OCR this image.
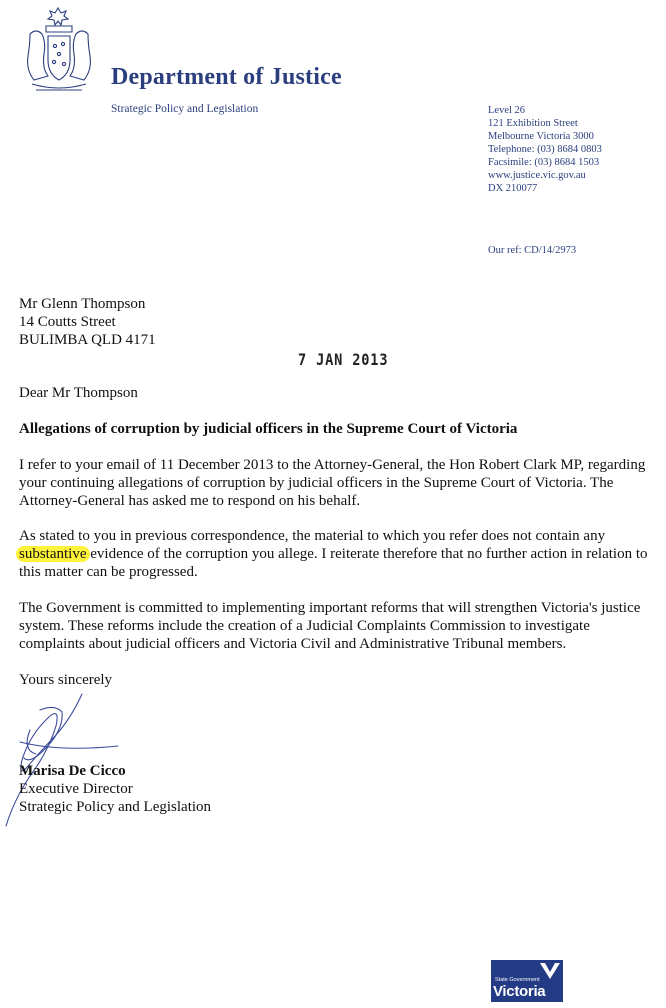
Department of Justice
Strategic Policy and Legislation	Level 26
121 Exhibition Street
Melbourne Victoria 3000
Telephone: (03) 8684 0803
Facsimile: (03) 8684 1503
www.justice.vic.gov.au
DX 210077
Our ref: CD/14/2973
Mr Glenn Thompson
14 Coutts Street
BULIMBA QLD 4171
7 JAN 2013
Dear Mr Thompson
Allegations of corruption by judicial officers in the Supreme Court of Victoria
I refer to your email of 11 December 2013 to the Attorney-General, the Hon Robert Clark MP, regarding your continuing allegations of corruption by judicial officers in the Supreme Court of Victoria. The Attorney-General has asked me to respond on his behalf.
As stated to you in previous correspondence, the material to which you refer does not contain any substantive evidence of the corruption you allege. I reiterate therefore that no further action in relation to this matter can be progressed.
The Government is committed to implementing important reforms that will strengthen Victoria's justice system. These reforms include the creation of a Judicial Complaints Commission to investigate complaints about judicial officers and Victoria Civil and Administrative Tribunal members.
Yours sincerely
Marisa De Cicco
Executive Director
Strategic Policy and Legislation
State Government
Victoria
